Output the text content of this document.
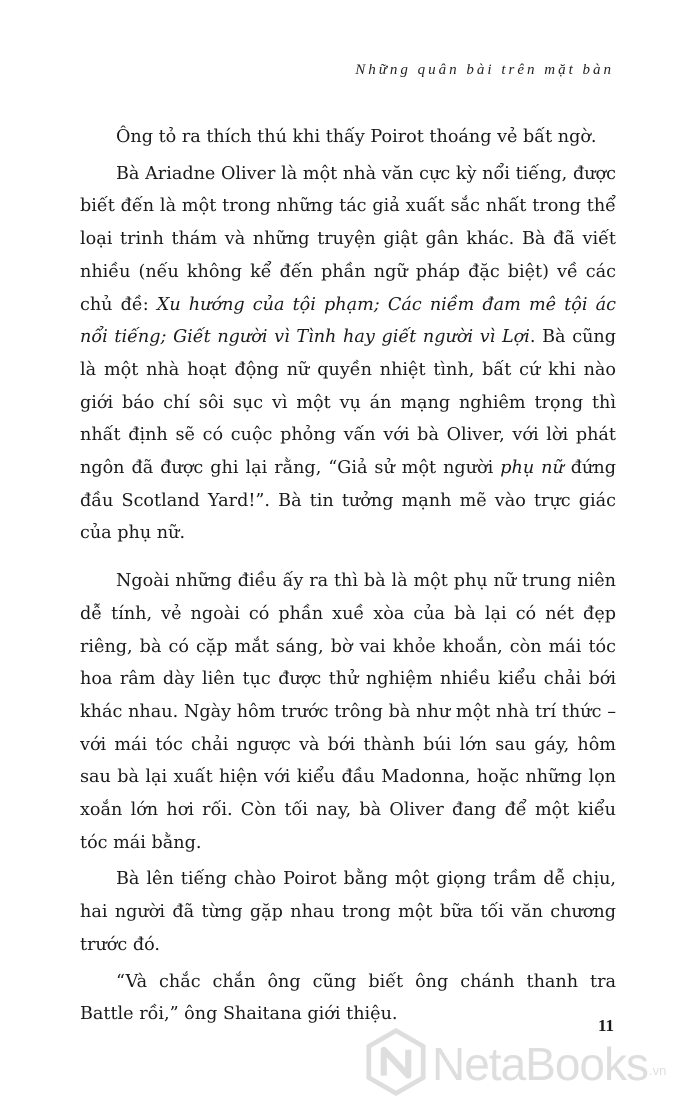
Những quân bài trên mặt bàn

Ông tỏ ra thích thú khi thấy Poirot thoáng vẻ bất ngờ.

Bà Ariadne Oliver là một nhà văn cực kỳ nổi tiếng, được biết đến là một trong những tác giả xuất sắc nhất trong thể loại trinh thám và những truyện giật gân khác. Bà đã viết nhiều (nếu không kể đến phần ngữ pháp đặc biệt) về các chủ đề: Xu hướng của tội phạm; Các niềm đam mê tội ác nổi tiếng; Giết người vì Tình hay giết người vì Lợi. Bà cũng là một nhà hoạt động nữ quyền nhiệt tình, bất cứ khi nào giới báo chí sôi sục vì một vụ án mạng nghiêm trọng thì nhất định sẽ có cuộc phỏng vấn với bà Oliver, với lời phát ngôn đã được ghi lại rằng, “Giả sử một người phụ nữ đứng đầu Scotland Yard!”. Bà tin tưởng mạnh mẽ vào trực giác của phụ nữ.

Ngoài những điều ấy ra thì bà là một phụ nữ trung niên dễ tính, vẻ ngoài có phần xuề xòa của bà lại có nét đẹp riêng, bà có cặp mắt sáng, bờ vai khỏe khoắn, còn mái tóc hoa râm dày liên tục được thử nghiệm nhiều kiểu chải bới khác nhau. Ngày hôm trước trông bà như một nhà trí thức – với mái tóc chải ngược và bới thành búi lớn sau gáy, hôm sau bà lại xuất hiện với kiểu đầu Madonna, hoặc những lọn xoắn lớn hơi rối. Còn tối nay, bà Oliver đang để một kiểu tóc mái bằng.

Bà lên tiếng chào Poirot bằng một giọng trầm dễ chịu, hai người đã từng gặp nhau trong một bữa tối văn chương trước đó.

“Và chắc chắn ông cũng biết ông chánh thanh tra Battle rồi,” ông Shaitana giới thiệu.

11
NetaBooks .vn
